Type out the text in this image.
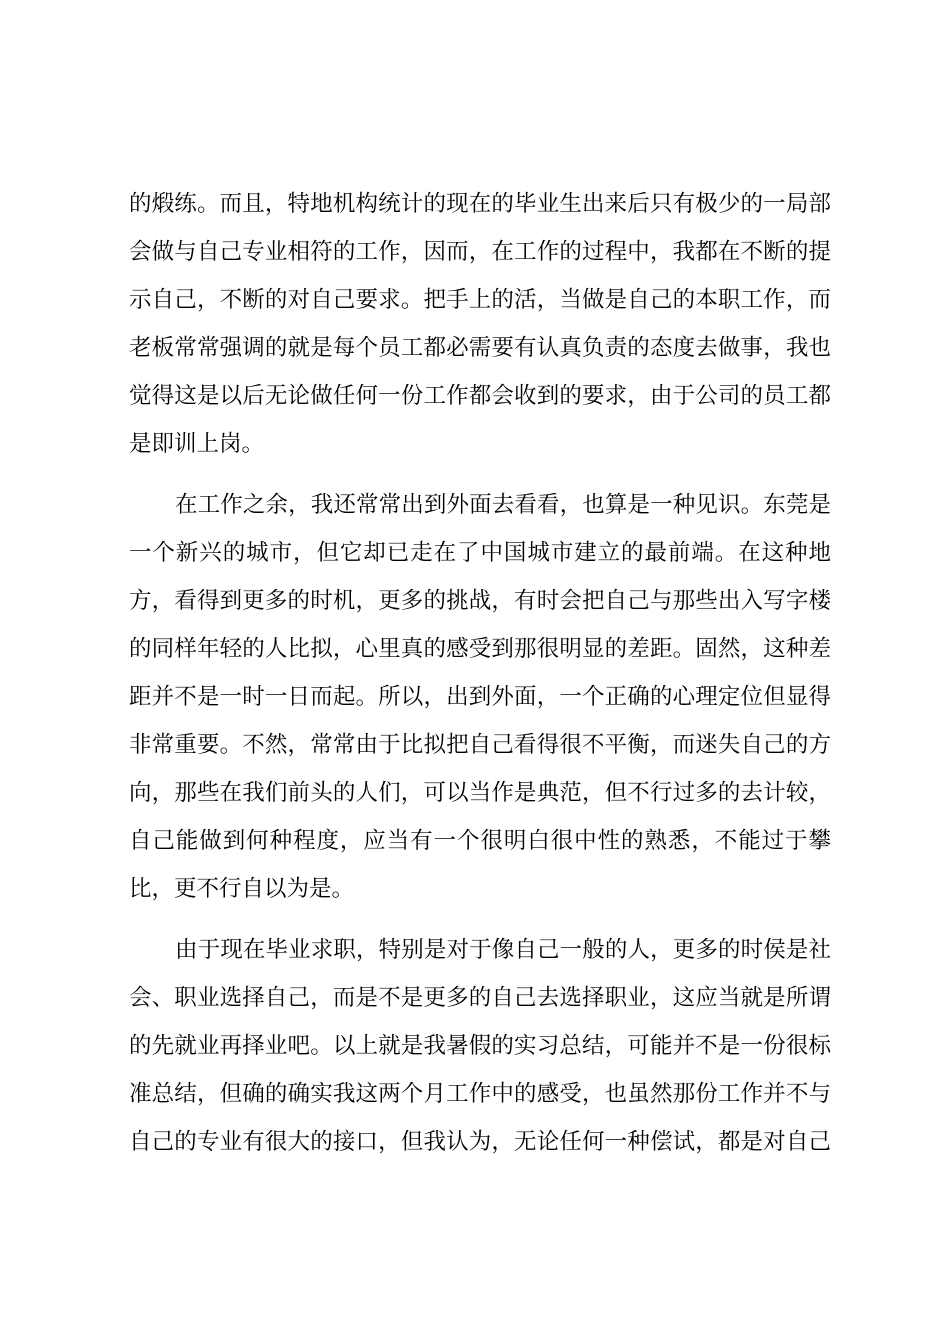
的煅练。而且，特地机构统计的现在的毕业生出来后只有极少的一局部
会做与自己专业相符的工作，因而，在工作的过程中，我都在不断的提
示自己，不断的对自己要求。把手上的活，当做是自己的本职工作，而
老板常常强调的就是每个员工都必需要有认真负责的态度去做事，我也
觉得这是以后无论做任何一份工作都会收到的要求，由于公司的员工都
是即训上岗。
在工作之余，我还常常出到外面去看看，也算是一种见识。东莞是
一个新兴的城市，但它却已走在了中国城市建立的最前端。在这种地
方，看得到更多的时机，更多的挑战，有时会把自己与那些出入写字楼
的同样年轻的人比拟，心里真的感受到那很明显的差距。固然，这种差
距并不是一时一日而起。所以，出到外面，一个正确的心理定位但显得
非常重要。不然，常常由于比拟把自己看得很不平衡，而迷失自己的方
向，那些在我们前头的人们，可以当作是典范，但不行过多的去计较，
自己能做到何种程度，应当有一个很明白很中性的熟悉，不能过于攀
比，更不行自以为是。
由于现在毕业求职，特别是对于像自己一般的人，更多的时侯是社
会、职业选择自己，而是不是更多的自己去选择职业，这应当就是所谓
的先就业再择业吧。以上就是我暑假的实习总结，可能并不是一份很标
准总结，但确的确实我这两个月工作中的感受，也虽然那份工作并不与
自己的专业有很大的接口，但我认为，无论任何一种偿试，都是对自己
